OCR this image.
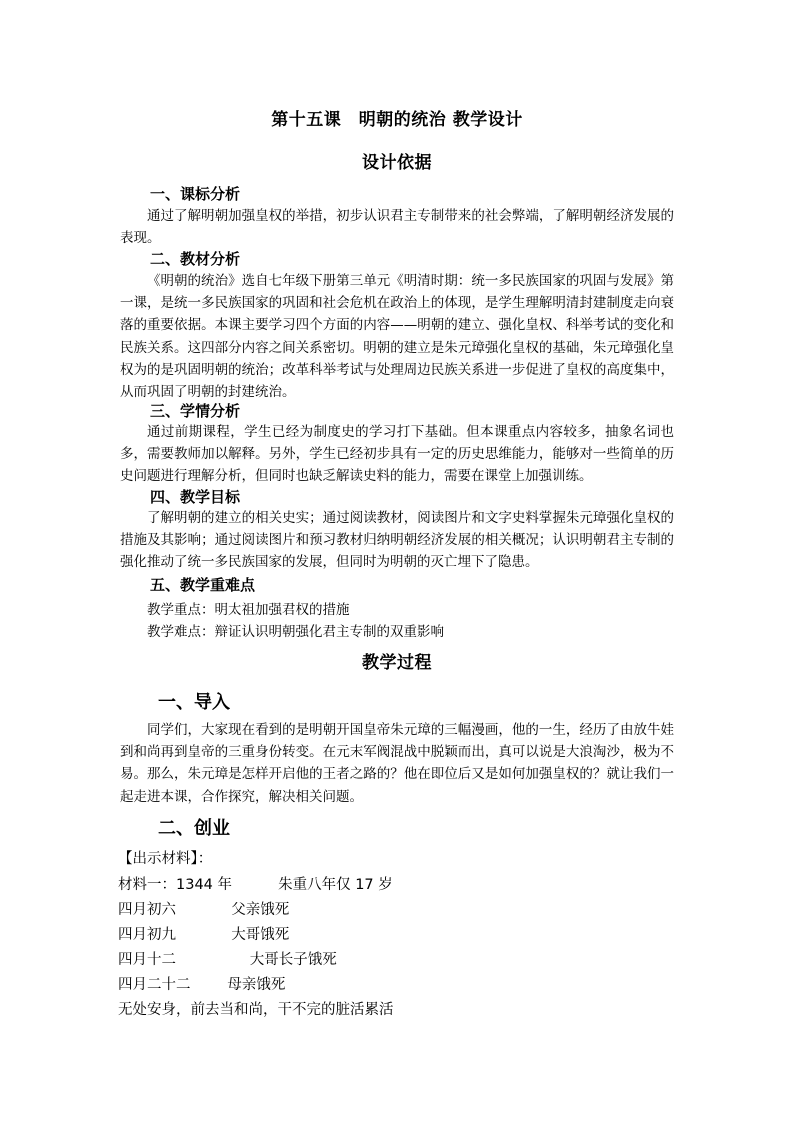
第十五课　明朝的统治 教学设计
设计依据
一、课标分析
通过了解明朝加强皇权的举措，初步认识君主专制带来的社会弊端，了解明朝经济发展的表现。
二、教材分析
《明朝的统治》选自七年级下册第三单元《明清时期：统一多民族国家的巩固与发展》第一课，是统一多民族国家的巩固和社会危机在政治上的体现，是学生理解明清封建制度走向衰落的重要依据。本课主要学习四个方面的内容——明朝的建立、强化皇权、科举考试的变化和民族关系。这四部分内容之间关系密切。明朝的建立是朱元璋强化皇权的基础，朱元璋强化皇权为的是巩固明朝的统治；改革科举考试与处理周边民族关系进一步促进了皇权的高度集中，从而巩固了明朝的封建统治。
三、学情分析
通过前期课程，学生已经为制度史的学习打下基础。但本课重点内容较多，抽象名词也多，需要教师加以解释。另外，学生已经初步具有一定的历史思维能力，能够对一些简单的历史问题进行理解分析，但同时也缺乏解读史料的能力，需要在课堂上加强训练。
四、教学目标
了解明朝的建立的相关史实；通过阅读教材，阅读图片和文字史料掌握朱元璋强化皇权的措施及其影响；通过阅读图片和预习教材归纳明朝经济发展的相关概况；认识明朝君主专制的强化推动了统一多民族国家的发展，但同时为明朝的灭亡埋下了隐患。
五、教学重难点
教学重点：明太祖加强君权的措施
教学难点：辩证认识明朝强化君主专制的双重影响
教学过程
一、导入
同学们，大家现在看到的是明朝开国皇帝朱元璋的三幅漫画，他的一生，经历了由放牛娃到和尚再到皇帝的三重身份转变。在元末军阀混战中脱颖而出，真可以说是大浪淘沙，极为不易。那么，朱元璋是怎样开启他的王者之路的？他在即位后又是如何加强皇权的？就让我们一起走进本课，合作探究，解决相关问题。
二、创业
【出示材料】：
材料一：1344 年          朱重八年仅 17 岁
四月初六            父亲饿死
四月初九            大哥饿死
四月十二                大哥长子饿死
四月二十二        母亲饿死
无处安身，前去当和尚，干不完的脏活累活
